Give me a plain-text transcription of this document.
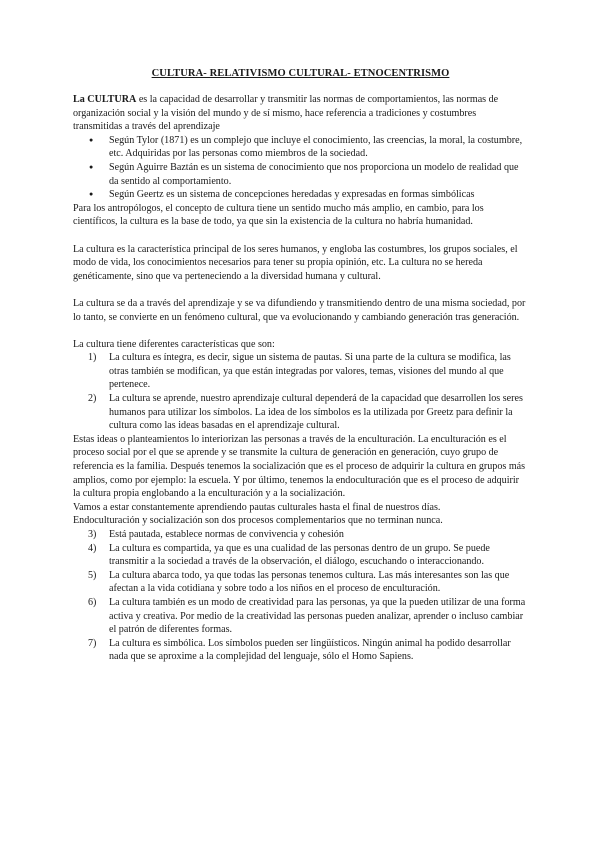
CULTURA- RELATIVISMO CULTURAL- ETNOCENTRISMO

La CULTURA es la capacidad de desarrollar y transmitir las normas de comportamientos, las normas de organización social y la visión del mundo y de sí mismo, hace referencia a tradiciones y costumbres transmitidas a través del aprendizaje

● Según Tylor (1871) es un complejo que incluye el conocimiento, las creencias, la moral, la costumbre, etc. Adquiridas por las personas como miembros de la sociedad.
● Según Aguirre Baztán es un sistema de conocimiento que nos proporciona un modelo de realidad que da sentido al comportamiento.
● Según Geertz es un sistema de concepciones heredadas y expresadas en formas simbólicas

Para los antropólogos, el concepto de cultura tiene un sentido mucho más amplio, en cambio, para los científicos, la cultura es la base de todo, ya que sin la existencia de la cultura no habría humanidad.

La cultura es la característica principal de los seres humanos, y engloba las costumbres, los grupos sociales, el modo de vida, los conocimientos necesarios para tener su propia opinión, etc. La cultura no se hereda genéticamente, sino que va perteneciendo a la diversidad humana y cultural.

La cultura se da a través del aprendizaje y se va difundiendo y transmitiendo dentro de una misma sociedad, por lo tanto, se convierte en un fenómeno cultural, que va evolucionando y cambiando generación tras generación.

La cultura tiene diferentes características que son:

1) La cultura es íntegra, es decir, sigue un sistema de pautas. Si una parte de la cultura se modifica, las otras también se modifican, ya que están integradas por valores, temas, visiones del mundo al que pertenece.
2) La cultura se aprende, nuestro aprendizaje cultural dependerá de la capacidad que desarrollen los seres humanos para utilizar los símbolos. La idea de los símbolos es la utilizada por Greetz para definir la cultura como las ideas basadas en el aprendizaje cultural.

Estas ideas o planteamientos lo interiorizan las personas a través de la enculturación. La enculturación es el proceso social por el que se aprende y se transmite la cultura de generación en generación, cuyo grupo de referencia es la familia. Después tenemos la socialización que es el proceso de adquirir la cultura en grupos más amplios, como por ejemplo: la escuela. Y por último, tenemos la endoculturación que es el proceso de adquirir la cultura propia englobando a la enculturación y a la socialización.

Vamos a estar constantemente aprendiendo pautas culturales hasta el final de nuestros días.

Endoculturación y socialización son dos procesos complementarios que no terminan nunca.

3) Está pautada, establece normas de convivencia y cohesión
4) La cultura es compartida, ya que es una cualidad de las personas dentro de un grupo. Se puede transmitir a la sociedad a través de la observación, el diálogo, escuchando o interaccionando.
5) La cultura abarca todo, ya que todas las personas tenemos cultura. Las más interesantes son las que afectan a la vida cotidiana y sobre todo a los niños en el proceso de enculturación.
6) La cultura también es un modo de creatividad para las personas, ya que la pueden utilizar de una forma activa y creativa. Por medio de la creatividad las personas pueden analizar, aprender o incluso cambiar el patrón de diferentes formas.
7) La cultura es simbólica. Los símbolos pueden ser lingüísticos. Ningún animal ha podido desarrollar nada que se aproxime a la complejidad del lenguaje, sólo el Homo Sapiens.
